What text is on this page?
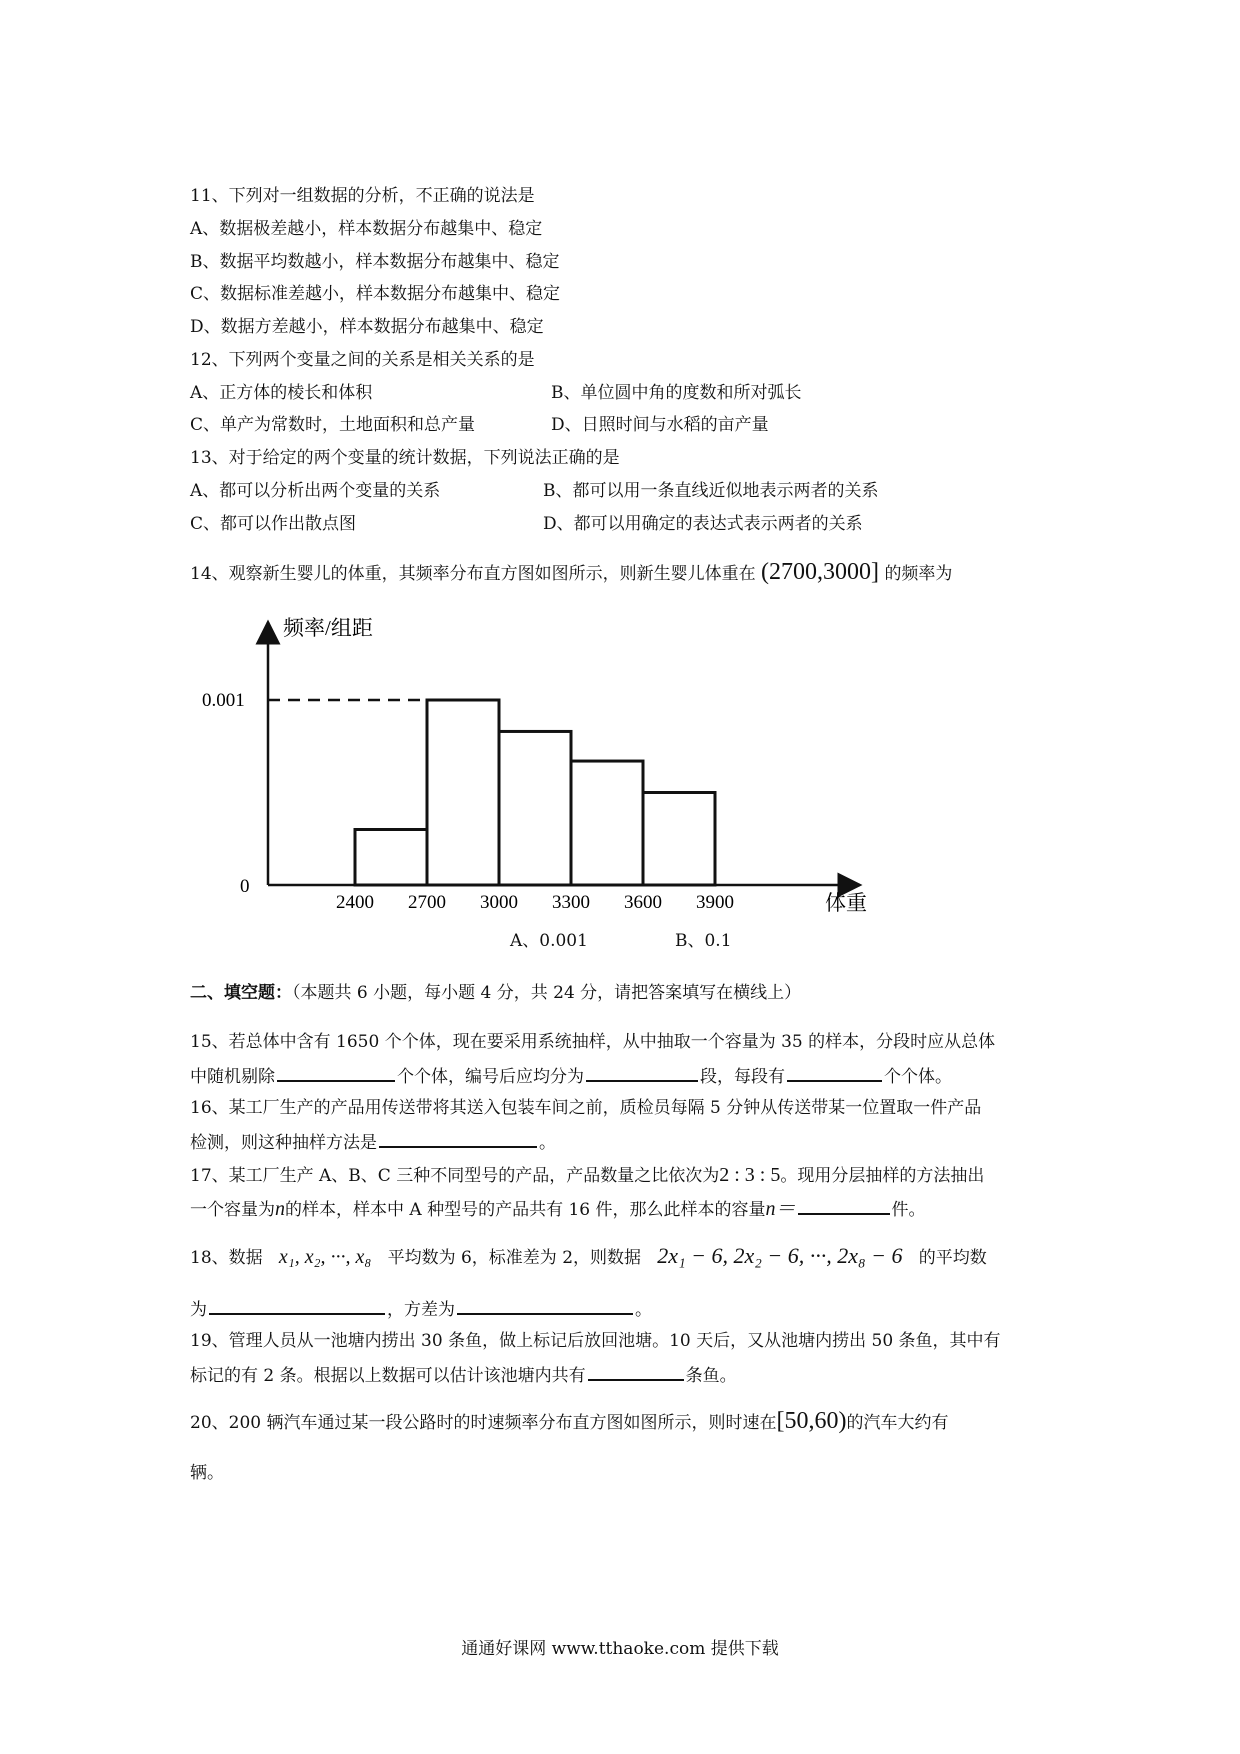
11、下列对一组数据的分析，不正确的说法是
A、数据极差越小，样本数据分布越集中、稳定
B、数据平均数越小，样本数据分布越集中、稳定
C、数据标准差越小，样本数据分布越集中、稳定
D、数据方差越小，样本数据分布越集中、稳定
12、下列两个变量之间的关系是相关关系的是
A、正方体的棱长和体积	B、单位圆中角的度数和所对弧长
C、单产为常数时，土地面积和总产量	D、日照时间与水稻的亩产量
13、对于给定的两个变量的统计数据，下列说法正确的是
A、都可以分析出两个变量的关系	B、都可以用一条直线近似地表示两者的关系
C、都可以作出散点图	D、都可以用确定的表达式表示两者的关系
14、观察新生婴儿的体重，其频率分布直方图如图所示，则新生婴儿体重在 (2700,3000] 的频率为
频率/组距
体重
0
0.001
2400 2700 3000 3300 3600 3900
A、0.001	B、0.1
二、填空题：（本题共 6 小题，每小题 4 分，共 24 分，请把答案填写在横线上）
15、若总体中含有 1650 个个体，现在要采用系统抽样，从中抽取一个容量为 35 的样本，分段时应从总体
中随机剔除	个个体，编号后应均分为	段，每段有	个个体。
16、某工厂生产的产品用传送带将其送入包装车间之前，质检员每隔 5 分钟从传送带某一位置取一件产品
检测，则这种抽样方法是	。
17、某工厂生产 A、B、C 三种不同型号的产品，产品数量之比依次为2 : 3 : 5。现用分层抽样的方法抽出
一个容量为n的样本，样本中 A 种型号的产品共有 16 件，那么此样本的容量n＝	件。
18、数据 x₁, x₂, ···, x₈ 平均数为 6，标准差为 2，则数据 2x₁ − 6, 2x₂ − 6, ···, 2x₈ − 6 的平均数
为	，方差为	。
19、管理人员从一池塘内捞出 30 条鱼，做上标记后放回池塘。10 天后，又从池塘内捞出 50 条鱼，其中有
标记的有 2 条。根据以上数据可以估计该池塘内共有	条鱼。
20、200 辆汽车通过某一段公路时的时速频率分布直方图如图所示，则时速在[50,60)的汽车大约有
辆。
通通好课网 www.tthaoke.com 提供下载
